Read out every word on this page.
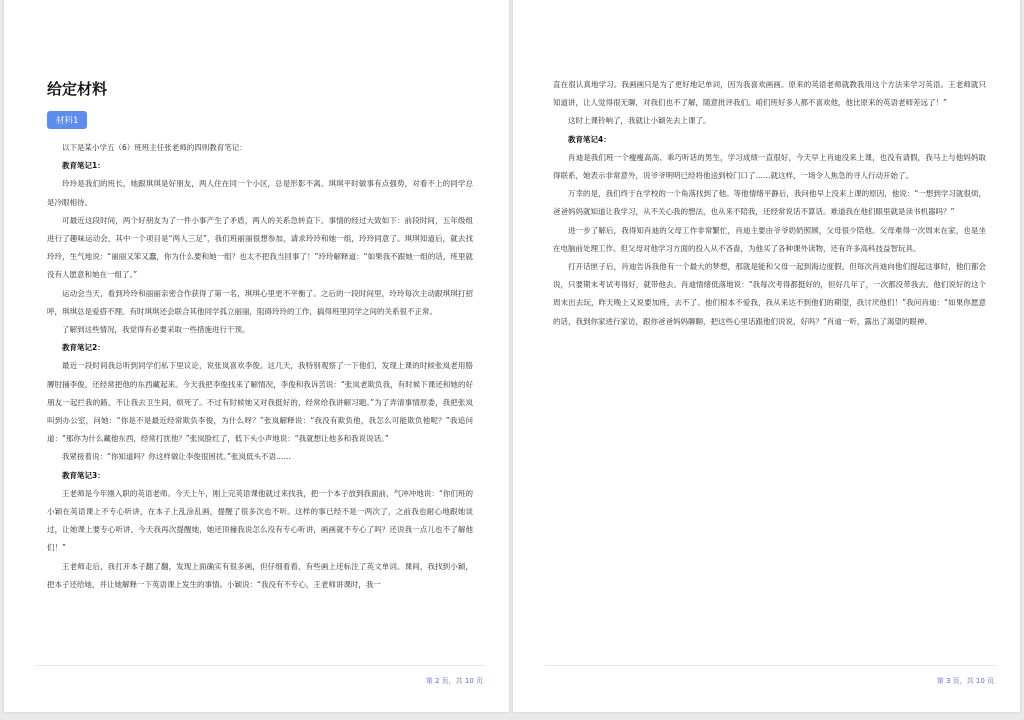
给定材料
材料1

以下是某小学五（6）班班主任张老师的四则教育笔记：

教育笔记1：

玲玲是我们的班长，她跟琪琪是好朋友，两人住在同一个小区，总是形影不离。琪琪平时做事有点强势，对看不上的同学总是冷眼相待。

可最近这段时间，两个好朋友为了一件小事产生了矛盾，两人的关系急转直下。事情的经过大致如下：前段时间，五年级组进行了趣味运动会，其中一个项目是“两人三足”，我们班丽丽很想参加，请求玲玲和她一组，玲玲同意了。琪琪知道后，就去找玲玲，生气地说：“丽丽又笨又蠢，你为什么要和她一组？也太不把我当回事了！”玲玲解释道：“如果我不跟她一组的话，班里就没有人愿意和她在一组了。”

运动会当天，看到玲玲和丽丽亲密合作获得了第一名，琪琪心里更不平衡了。之后的一段时间里，玲玲每次主动跟琪琪打招呼，琪琪总是爱搭不理。有时琪琪还会联合其他同学孤立丽丽，阻碍玲玲的工作，搞得班里同学之间的关系很不正常。

了解到这些情况，我觉得有必要采取一些措施进行干预。

教育笔记2：

最近一段时间我总听到同学们私下里议论，说张岚喜欢李俊。这几天，我特别观察了一下他们，发现上课的时候张岚老用胳膊肘捅李俊，还经常把他的东西藏起来。今天我把李俊找来了解情况，李俊和我诉苦说：“张岚老欺负我，有时候下课还和她的好朋友一起拦我的路，不让我去卫生间，烦死了。不过有时候她又对我挺好的，经常给我讲解习题。”为了弄清事情原委，我把张岚叫到办公室，问她：“你是不是最近经常欺负李俊，为什么呀？”张岚解释说：“我没有欺负他，我怎么可能欺负他呢？”我追问道：“那你为什么藏他东西，经常打扰他？”张岚脸红了，低下头小声地说：“我就想让他多和我说说话。”

我紧接着说：“你知道吗？你这样做让李俊很困扰。”张岚低头不语……

教育笔记3：

王老师是今年刚入职的英语老师。今天上午，刚上完英语课他就过来找我，把一个本子放到我面前，气冲冲地说：“你们班的小颖在英语课上不专心听讲，在本子上乱涂乱画，提醒了很多次也不听。这样的事已经不是一两次了，之前我也耐心地跟她谈过，让她课上要专心听讲，今天我再次提醒她，她还顶撞我说怎么没有专心听讲，画画就不专心了吗？还说我一点儿也不了解他们！”

王老师走后，我打开本子翻了翻，发现上面确实有很多画，但仔细看看，有些画上还标注了英文单词。课间，我找到小颖，把本子还给她，并让她解释一下英语课上发生的事情。小颖说：“我没有不专心，王老师讲课时，我一

第 2 页，共 10 页

直在很认真地学习。我画画只是为了更好地记单词，因为我喜欢画画。原来的英语老师就教我用这个方法来学习英语。王老师就只知道讲，让人觉得很无聊，对我们也不了解，随意批评我们。咱们班好多人都不喜欢他，他比原来的英语老师差远了！”

这时上课铃响了，我就让小颖先去上课了。

教育笔记4：

肖迪是我们班一个瘦瘦高高、乖巧听话的男生，学习成绩一直很好，今天早上肖迪没来上课，也没有请假，我马上与他妈妈取得联系，她表示非常意外，说爷爷明明已经将他送到校门口了……就这样，一场令人焦急的寻人行动开始了。

万幸的是，我们终于在学校的一个角落找到了他。等他情绪平静后，我问他早上没来上课的原因，他说：“一想到学习就很烦，爸爸妈妈就知道让我学习，从不关心我的想法，也从来不陪我，还经常说话不算话。难道我在他们眼里就是读书机器吗？”

进一步了解后，我得知肖迪的父母工作非常繁忙，肖迪主要由爷爷奶奶照顾，父母很少陪他。父母难得一次周末在家，也是坐在电脑前处理工作。但父母对他学习方面的投入从不吝啬，为他买了各种课外读物，还有许多高科技益智玩具。

打开话匣子后，肖迪告诉我他有一个最大的梦想，那就是能和父母一起到海边度假。但每次肖迪向他们提起这事时，他们都会说，只要期末考试考得好，就带他去。肖迪情绪低落地说：“我每次考得都挺好的，但好几年了，一次都没带我去。他们说好的这个周末出去玩，昨天晚上又说要加班，去不了。他们根本不爱我，我从来达不到他们的期望，我讨厌他们！”我问肖迪：“如果你愿意的话，我到你家进行家访，跟你爸爸妈妈聊聊，把这些心里话跟他们说说，好吗？”肖迪一听，露出了渴望的眼神。

第 3 页，共 10 页
